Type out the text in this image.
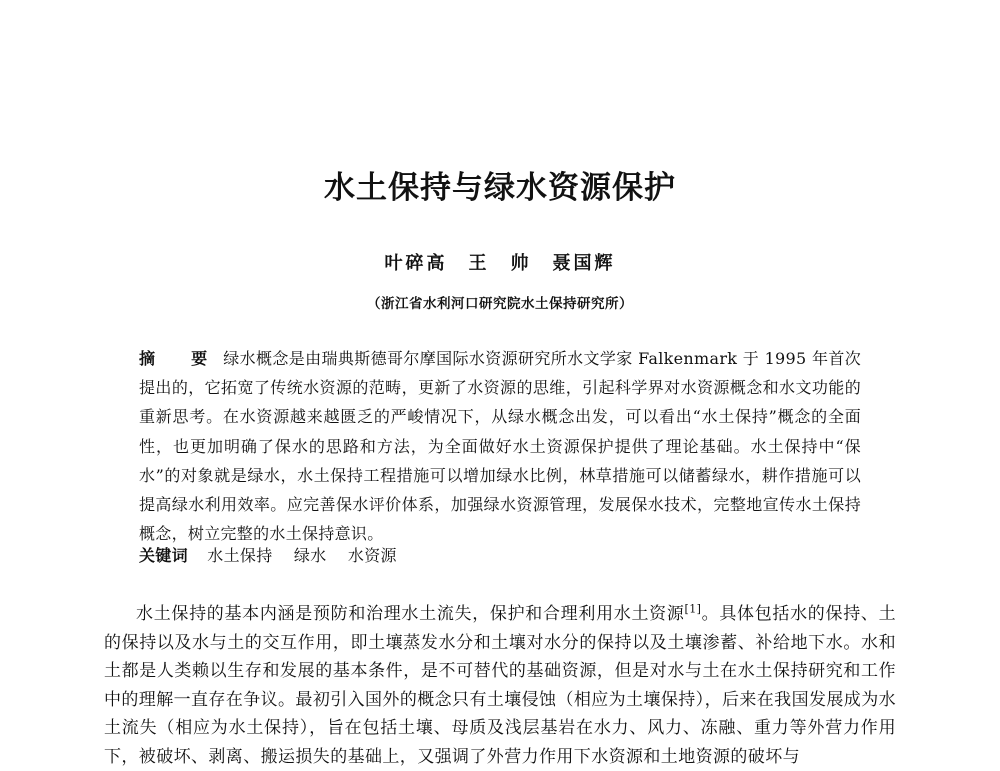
水土保持与绿水资源保护
叶碎高　王　帅　聂国辉
（浙江省水利河口研究院水土保持研究所）

摘　要 绿水概念是由瑞典斯德哥尔摩国际水资源研究所水文学家 Falkenmark 于 1995 年首次提出的，它拓宽了传统水资源的范畴，更新了水资源的思维，引起科学界对水资源概念和水文功能的重新思考。在水资源越来越匮乏的严峻情况下，从绿水概念出发，可以看出“水土保持”概念的全面性，也更加明确了保水的思路和方法，为全面做好水土资源保护提供了理论基础。水土保持中“保水”的对象就是绿水，水土保持工程措施可以增加绿水比例，林草措施可以储蓄绿水，耕作措施可以提高绿水利用效率。应完善保水评价体系，加强绿水资源管理，发展保水技术，完整地宣传水土保持概念，树立完整的水土保持意识。

关键词 水土保持 绿水 水资源

水土保持的基本内涵是预防和治理水土流失，保护和合理利用水土资源[1]。具体包括水的保持、土的保持以及水与土的交互作用，即土壤蒸发水分和土壤对水分的保持以及土壤渗蓄、补给地下水。水和土都是人类赖以生存和发展的基本条件，是不可替代的基础资源，但是对水与土在水土保持研究和工作中的理解一直存在争议。最初引入国外的概念只有土壤侵蚀（相应为土壤保持），后来在我国发展成为水土流失（相应为水土保持），旨在包括土壤、母质及浅层基岩在水力、风力、冻融、重力等外营力作用下，被破坏、剥离、搬运损失的基础上，又强调了外营力作用下水资源和土地资源的破坏与
